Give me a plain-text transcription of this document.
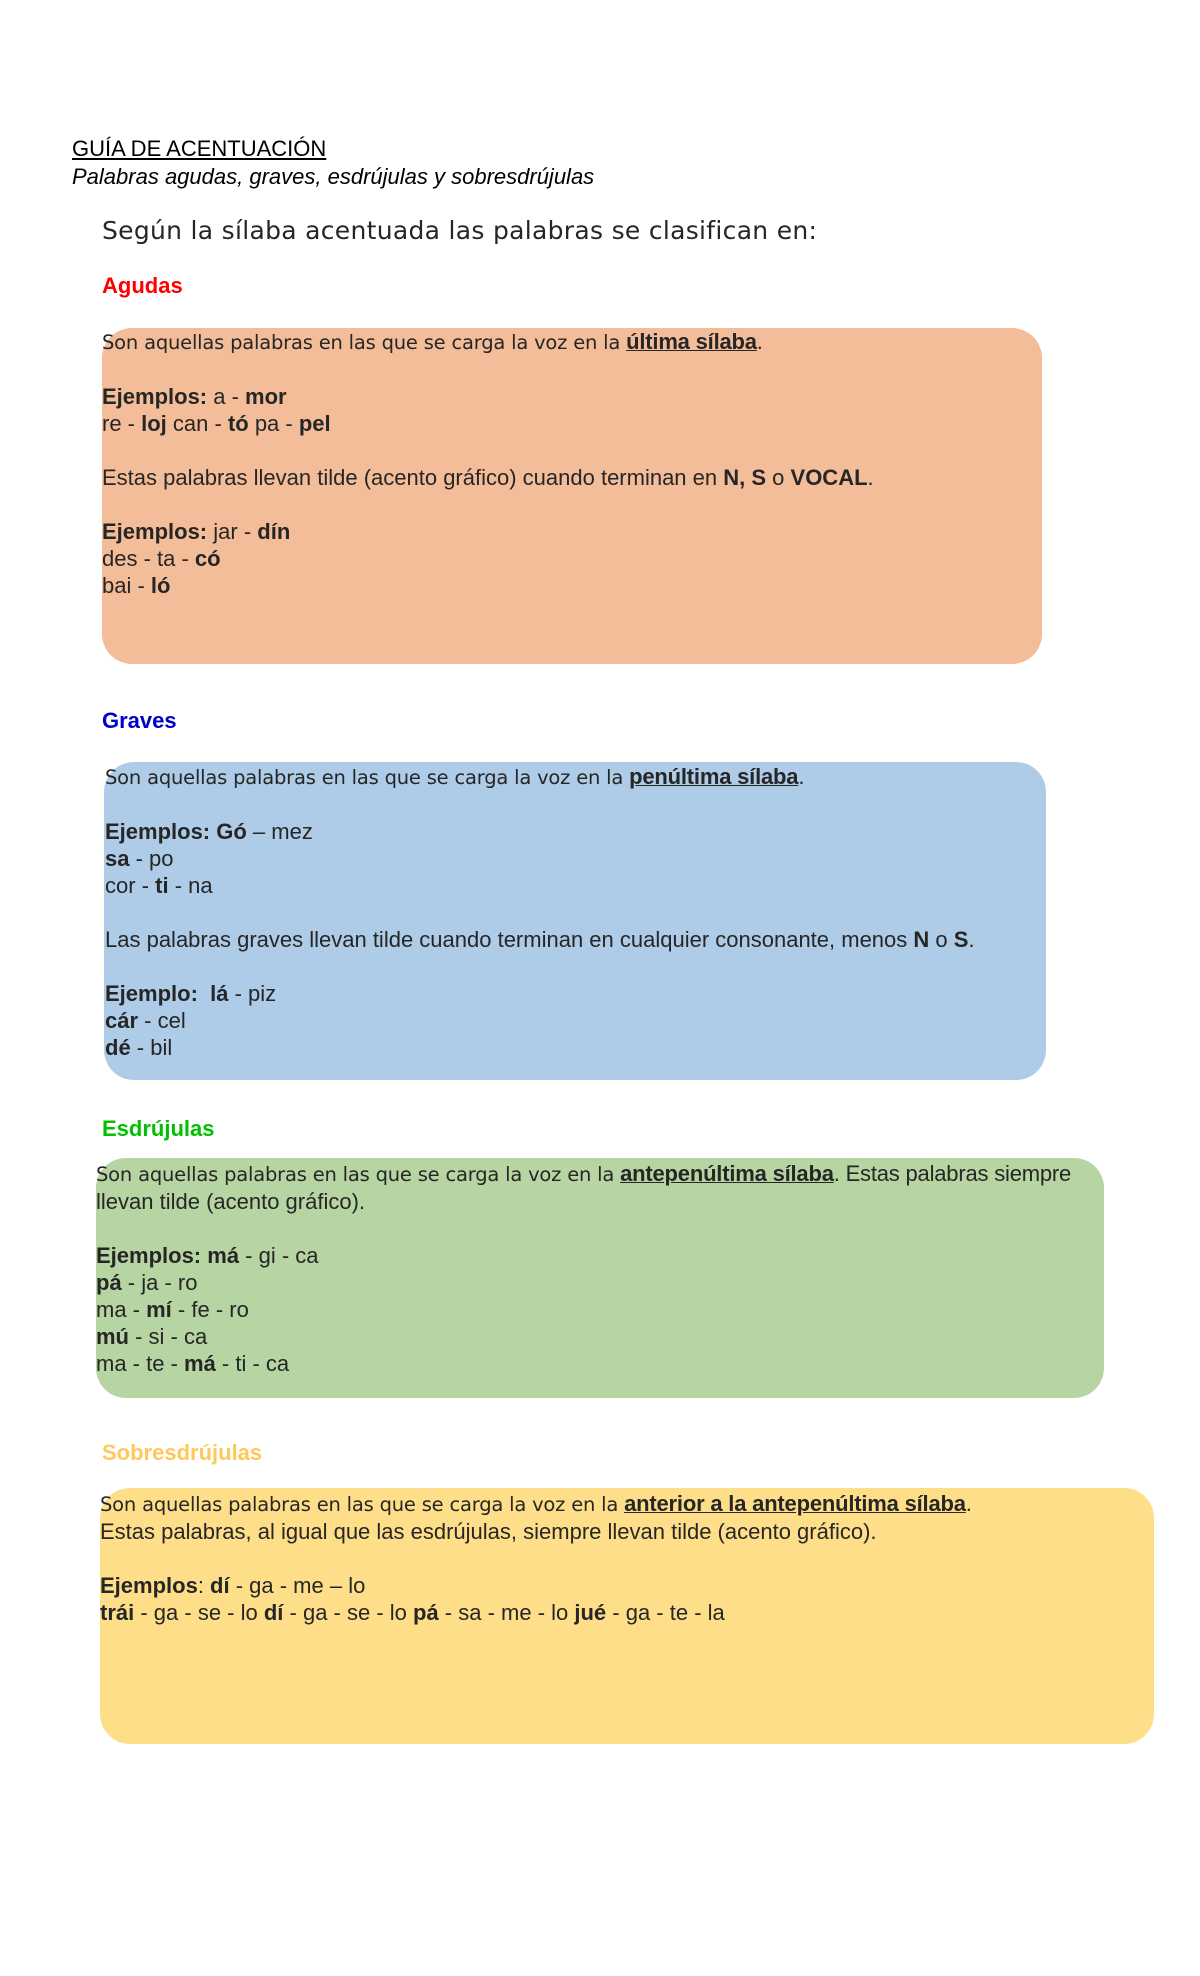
GUÍA DE ACENTUACIÓN
Palabras agudas, graves, esdrújulas y sobresdrújulas
Según la sílaba acentuada las palabras se clasifican en:
Agudas

Son aquellas palabras en las que se carga la voz en la última sílaba.

Ejemplos: a - mor

re - loj can - tó pa - pel

Estas palabras llevan tilde (acento gráfico) cuando terminan en N, S o VOCAL.

Ejemplos: jar - dín

des - ta - có

bai - ló

Graves

Son aquellas palabras en las que se carga la voz en la penúltima sílaba.

Ejemplos: Gó – mez

sa - po

cor - ti - na

Las palabras graves llevan tilde cuando terminan en cualquier consonante, menos N o S.

Ejemplo: lá - piz

cár - cel

dé - bil

Esdrújulas

Son aquellas palabras en las que se carga la voz en la antepenúltima sílaba. Estas palabras siempre

llevan tilde (acento gráfico).

Ejemplos: má - gi - ca

pá - ja - ro

ma - mí - fe - ro

mú - si - ca

ma - te - má - ti - ca

Sobresdrújulas

Son aquellas palabras en las que se carga la voz en la anterior a la antepenúltima sílaba.

Estas palabras, al igual que las esdrújulas, siempre llevan tilde (acento gráfico).

Ejemplos: dí - ga - me – lo

trái - ga - se - lo dí - ga - se - lo pá - sa - me - lo jué - ga - te - la
